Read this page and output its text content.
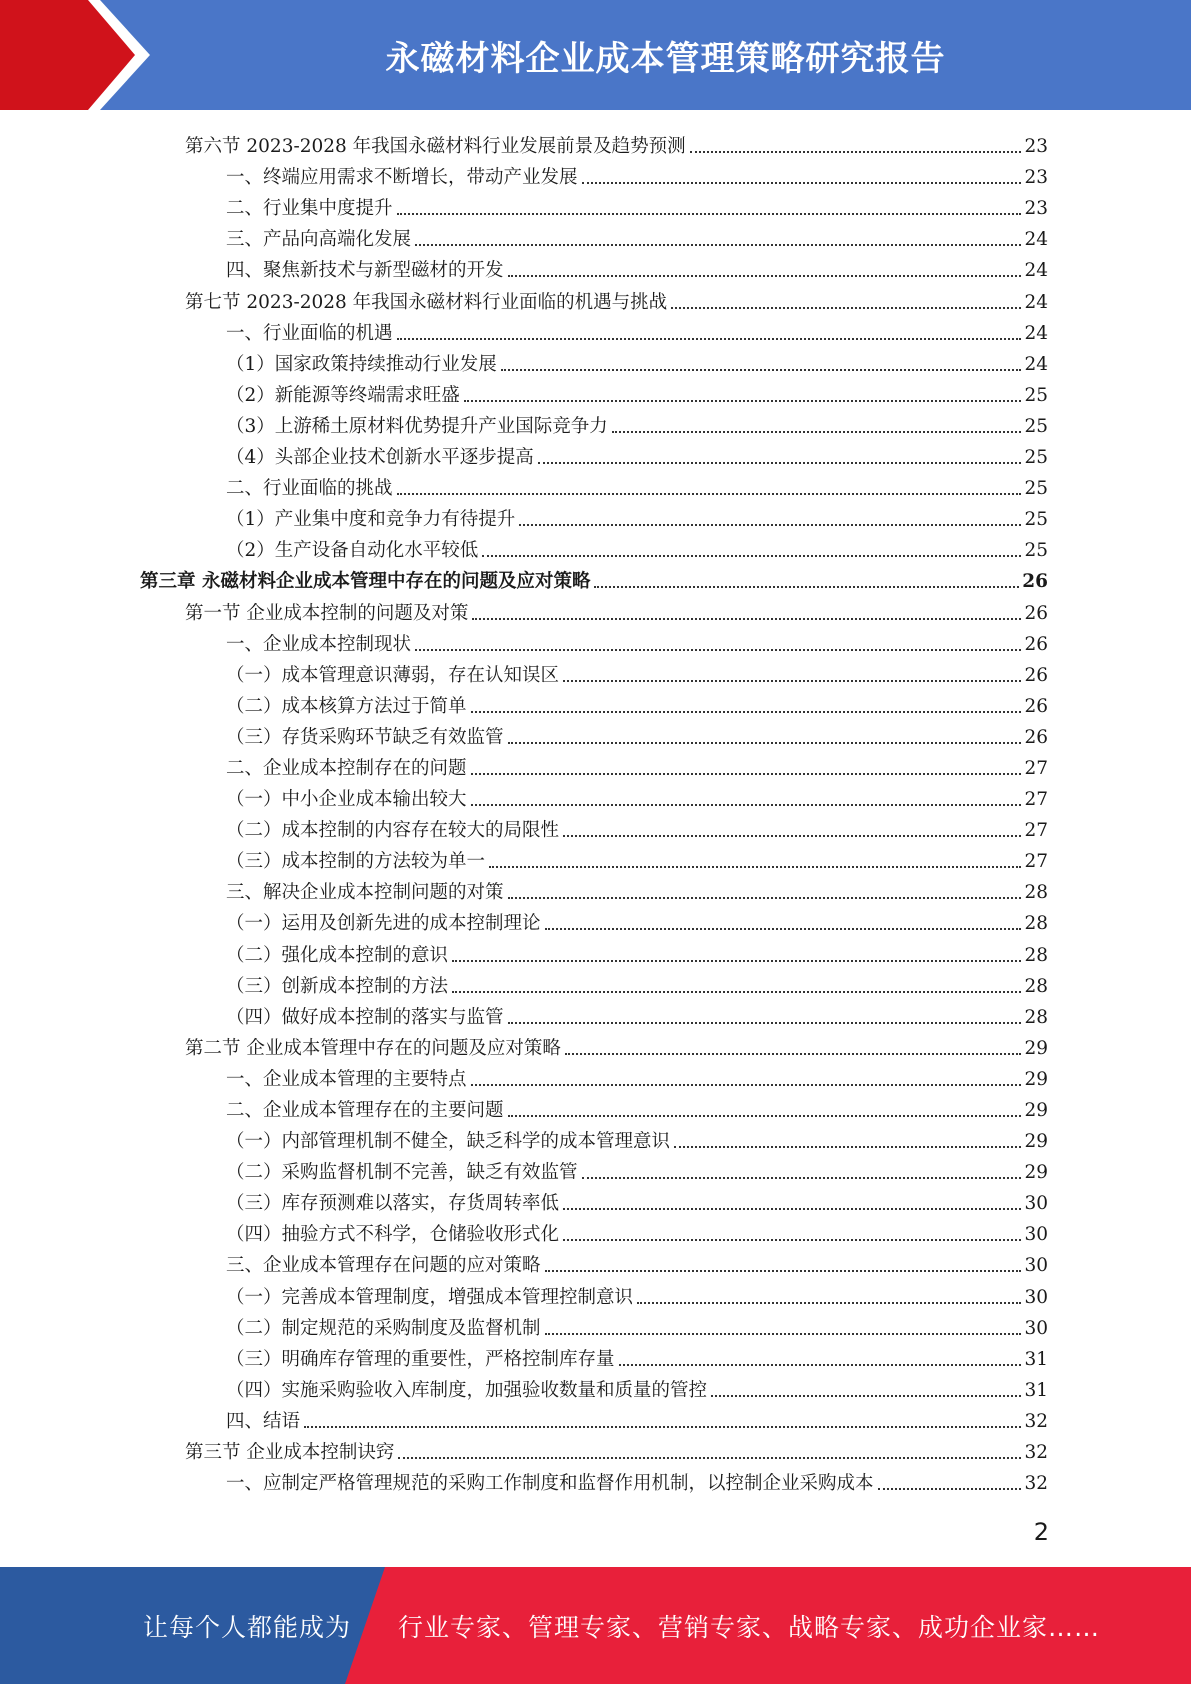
永磁材料企业成本管理策略研究报告
第六节 2023-2028 年我国永磁材料行业发展前景及趋势预测	23
一、终端应用需求不断增长，带动产业发展	23
二、行业集中度提升	23
三、产品向高端化发展	24
四、聚焦新技术与新型磁材的开发	24
第七节 2023-2028 年我国永磁材料行业面临的机遇与挑战	24
一、行业面临的机遇	24
（1）国家政策持续推动行业发展	24
（2）新能源等终端需求旺盛	25
（3）上游稀土原材料优势提升产业国际竞争力	25
（4）头部企业技术创新水平逐步提高	25
二、行业面临的挑战	25
（1）产业集中度和竞争力有待提升	25
（2）生产设备自动化水平较低	25
第三章 永磁材料企业成本管理中存在的问题及应对策略	26
第一节 企业成本控制的问题及对策	26
一、企业成本控制现状	26
（一）成本管理意识薄弱，存在认知误区	26
（二）成本核算方法过于简单	26
（三）存货采购环节缺乏有效监管	26
二、企业成本控制存在的问题	27
（一）中小企业成本输出较大	27
（二）成本控制的内容存在较大的局限性	27
（三）成本控制的方法较为单一	27
三、解决企业成本控制问题的对策	28
（一）运用及创新先进的成本控制理论	28
（二）强化成本控制的意识	28
（三）创新成本控制的方法	28
（四）做好成本控制的落实与监管	28
第二节 企业成本管理中存在的问题及应对策略	29
一、企业成本管理的主要特点	29
二、企业成本管理存在的主要问题	29
（一）内部管理机制不健全，缺乏科学的成本管理意识	29
（二）采购监督机制不完善，缺乏有效监管	29
（三）库存预测难以落实，存货周转率低	30
（四）抽验方式不科学，仓储验收形式化	30
三、企业成本管理存在问题的应对策略	30
（一）完善成本管理制度，增强成本管理控制意识	30
（二）制定规范的采购制度及监督机制	30
（三）明确库存管理的重要性，严格控制库存量	31
（四）实施采购验收入库制度，加强验收数量和质量的管控	31
四、结语	32
第三节 企业成本控制诀窍	32
一、应制定严格管理规范的采购工作制度和监督作用机制，以控制企业采购成本	32
2
让每个人都能成为 行业专家、管理专家、营销专家、战略专家、成功企业家……
